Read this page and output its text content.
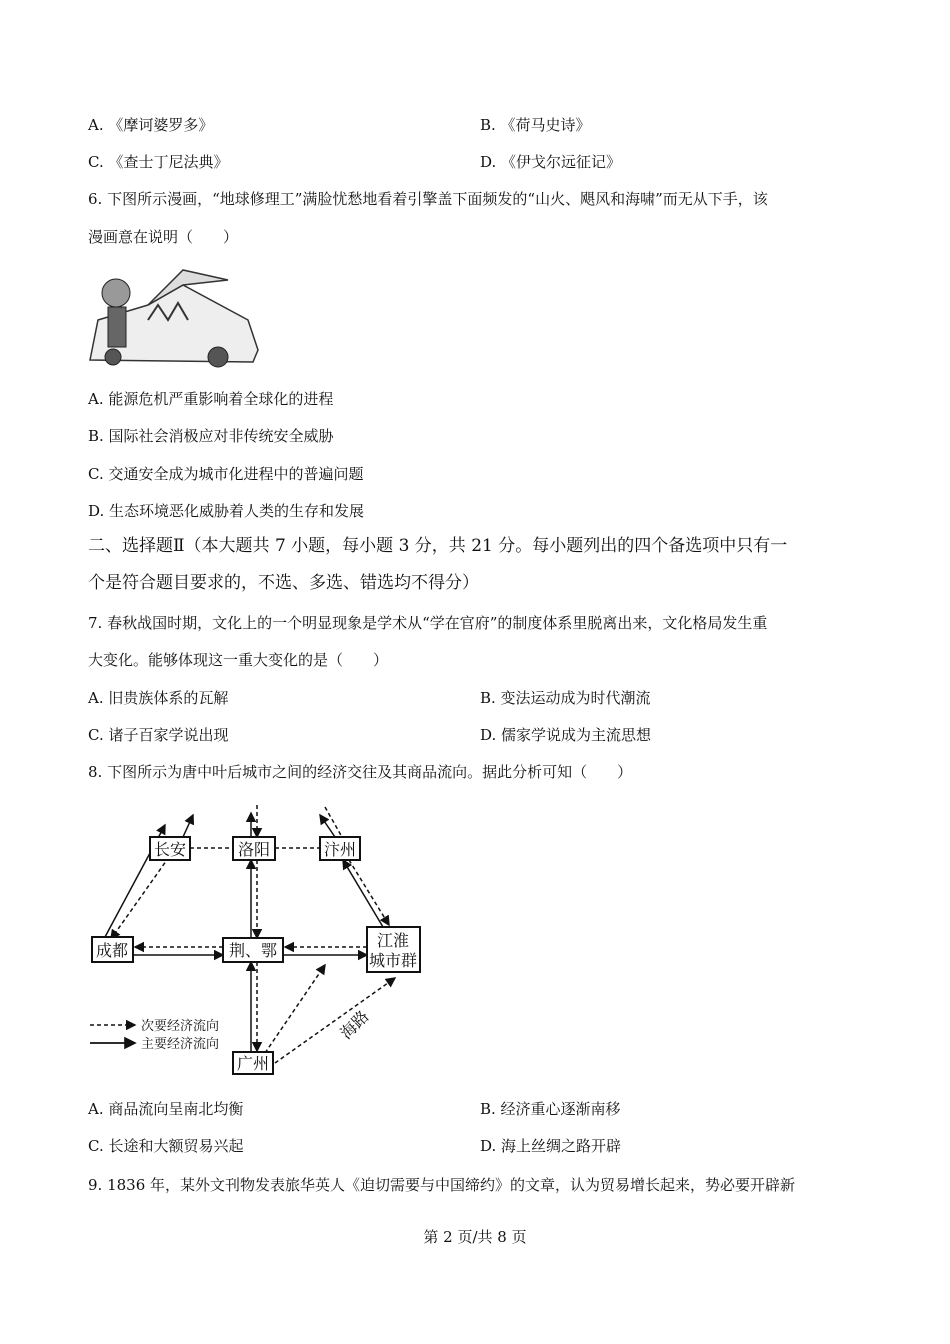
A. 《摩诃婆罗多》	B. 《荷马史诗》
C. 《查士丁尼法典》	D. 《伊戈尔远征记》
6. 下图所示漫画，“地球修理工”满脸忧愁地看着引擎盖下面频发的“山火、飓风和海啸”而无从下手，该
漫画意在说明（　　）
A. 能源危机严重影响着全球化的进程
B. 国际社会消极应对非传统安全威胁
C. 交通安全成为城市化进程中的普遍问题
D. 生态环境恶化威胁着人类的生存和发展
二、选择题Ⅱ（本大题共 7 小题，每小题 3 分，共 21 分。每小题列出的四个备选项中只有一
个是符合题目要求的，不选、多选、错选均不得分）
7. 春秋战国时期，文化上的一个明显现象是学术从“学在官府”的制度体系里脱离出来，文化格局发生重
大变化。能够体现这一重大变化的是（　　）
A. 旧贵族体系的瓦解	B. 变法运动成为时代潮流
C. 诸子百家学说出现	D. 儒家学说成为主流思想
8. 下图所示为唐中叶后城市之间的经济交往及其商品流向。据此分析可知（　　）
长安	洛阳	汴州
成都	荆、鄂
江淮
城市群
广州
海路
次要经济流向
主要经济流向
A. 商品流向呈南北均衡	B. 经济重心逐渐南移
C. 长途和大额贸易兴起	D. 海上丝绸之路开辟
9. 1836 年，某外文刊物发表旅华英人《迫切需要与中国缔约》的文章，认为贸易增长起来，势必要开辟新
第 2 页/共 8 页
